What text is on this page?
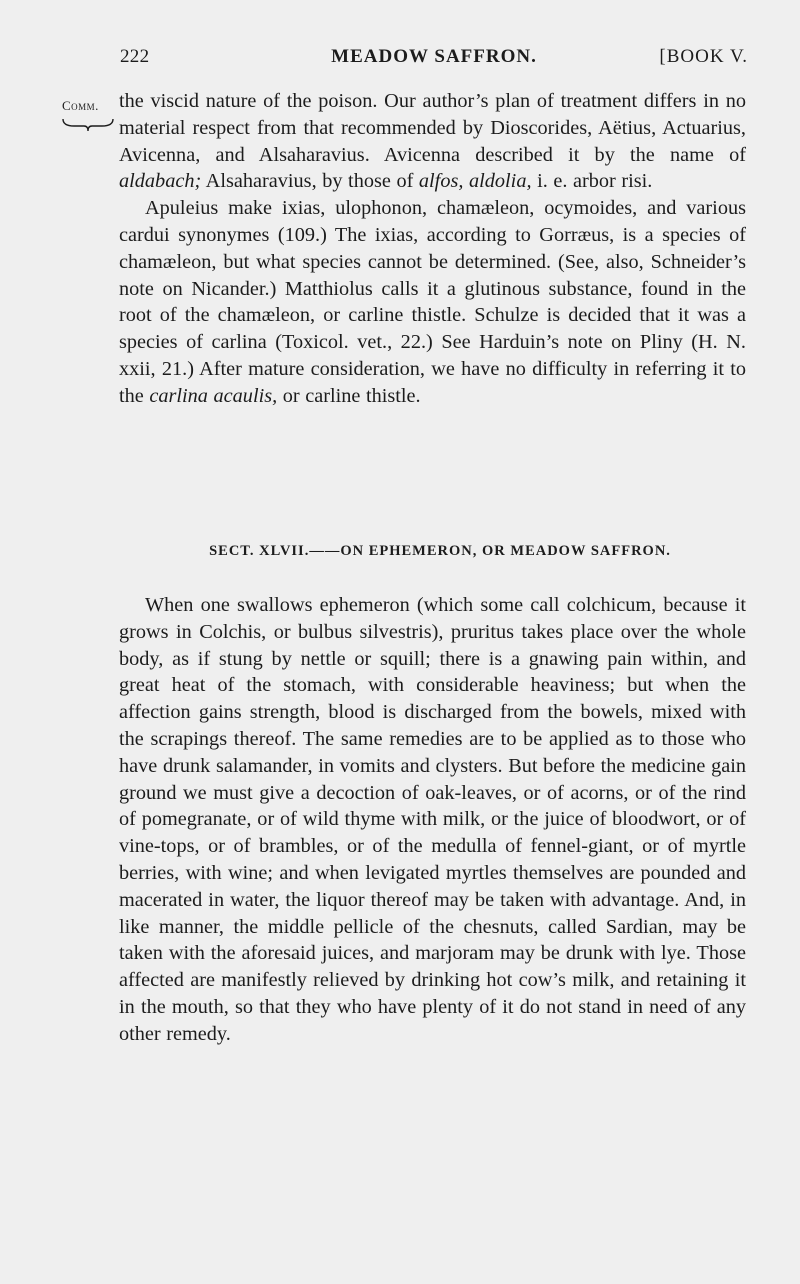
222	MEADOW SAFFRON.	[BOOK V.
Comm. the viscid nature of the poison. Our author’s plan of treatment differs in no material respect from that recommended by Dioscorides, Aëtius, Actuarius, Avicenna, and Alsaharavius. Avicenna described it by the name of aldabach; Alsaharavius, by those of alfos, aldolia, i. e. arbor risi.

Apuleius make ixias, ulophonon, chamæleon, ocymoides, and various cardui synonymes (109.) The ixias, according to Gorræus, is a species of chamæleon, but what species cannot be determined. (See, also, Schneider’s note on Nicander.) Matthiolus calls it a glutinous substance, found in the root of the chamæleon, or carline thistle. Schulze is decided that it was a species of carlina (Toxicol. vet., 22.) See Harduin’s note on Pliny (H. N. xxii, 21.) After mature consideration, we have no difficulty in referring it to the carlina acaulis, or carline thistle.

SECT. XLVII.——ON EPHEMERON, OR MEADOW SAFFRON.

When one swallows ephemeron (which some call colchicum, because it grows in Colchis, or bulbus silvestris), pruritus takes place over the whole body, as if stung by nettle or squill; there is a gnawing pain within, and great heat of the stomach, with considerable heaviness; but when the affection gains strength, blood is discharged from the bowels, mixed with the scrapings thereof. The same remedies are to be applied as to those who have drunk salamander, in vomits and clysters. But before the medicine gain ground we must give a decoction of oak-leaves, or of acorns, or of the rind of pomegranate, or of wild thyme with milk, or the juice of bloodwort, or of vine-tops, or of brambles, or of the medulla of fennel-giant, or of myrtle berries, with wine; and when levigated myrtles themselves are pounded and macerated in water, the liquor thereof may be taken with advantage. And, in like manner, the middle pellicle of the chesnuts, called Sardian, may be taken with the aforesaid juices, and marjoram may be drunk with lye. Those affected are manifestly relieved by drinking hot cow’s milk, and retaining it in the mouth, so that they who have plenty of it do not stand in need of any other remedy.
